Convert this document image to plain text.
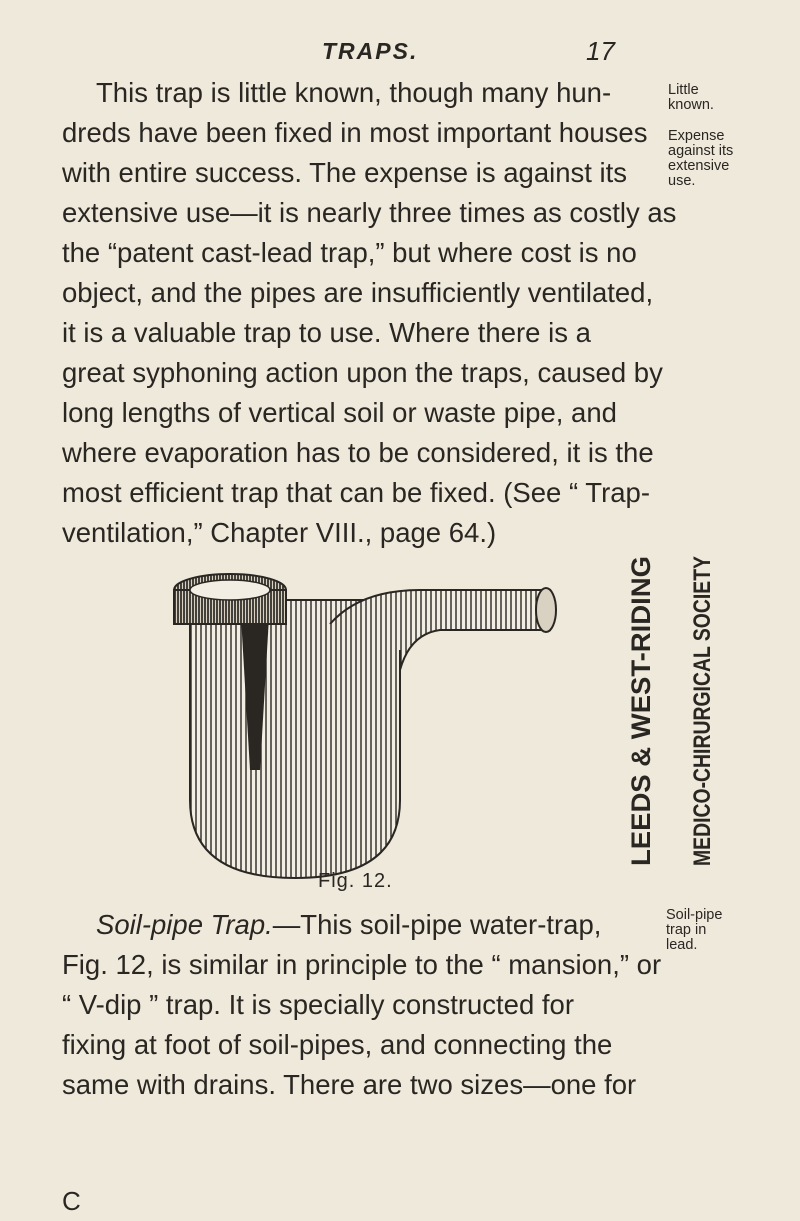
TRAPS.	17

This trap is little known, though many hun-
dreds have been fixed in most important houses
with entire success. The expense is against its
extensive use—it is nearly three times as costly as
the “patent cast-lead trap,” but where cost is no
object, and the pipes are insufficiently ventilated,
it is a valuable trap to use. Where there is a
great syphoning action upon the traps, caused by
long lengths of vertical soil or waste pipe, and
where evaporation has to be considered, it is the
most efficient trap that can be fixed. (See “ Trap-
ventilation,” Chapter VIII., page 64.)

Little
known.
Expense
against its
extensive
use.
Fig. 12.
LEEDS & WEST-RIDING MEDICO-CHIRURGICAL SOCIETY

Soil-pipe Trap.—This soil-pipe water-trap,
Fig. 12, is similar in principle to the “ mansion,” or
“ V-dip ” trap. It is specially constructed for
fixing at foot of soil-pipes, and connecting the
same with drains. There are two sizes—one for

Soil-pipe
trap in
lead.
C
